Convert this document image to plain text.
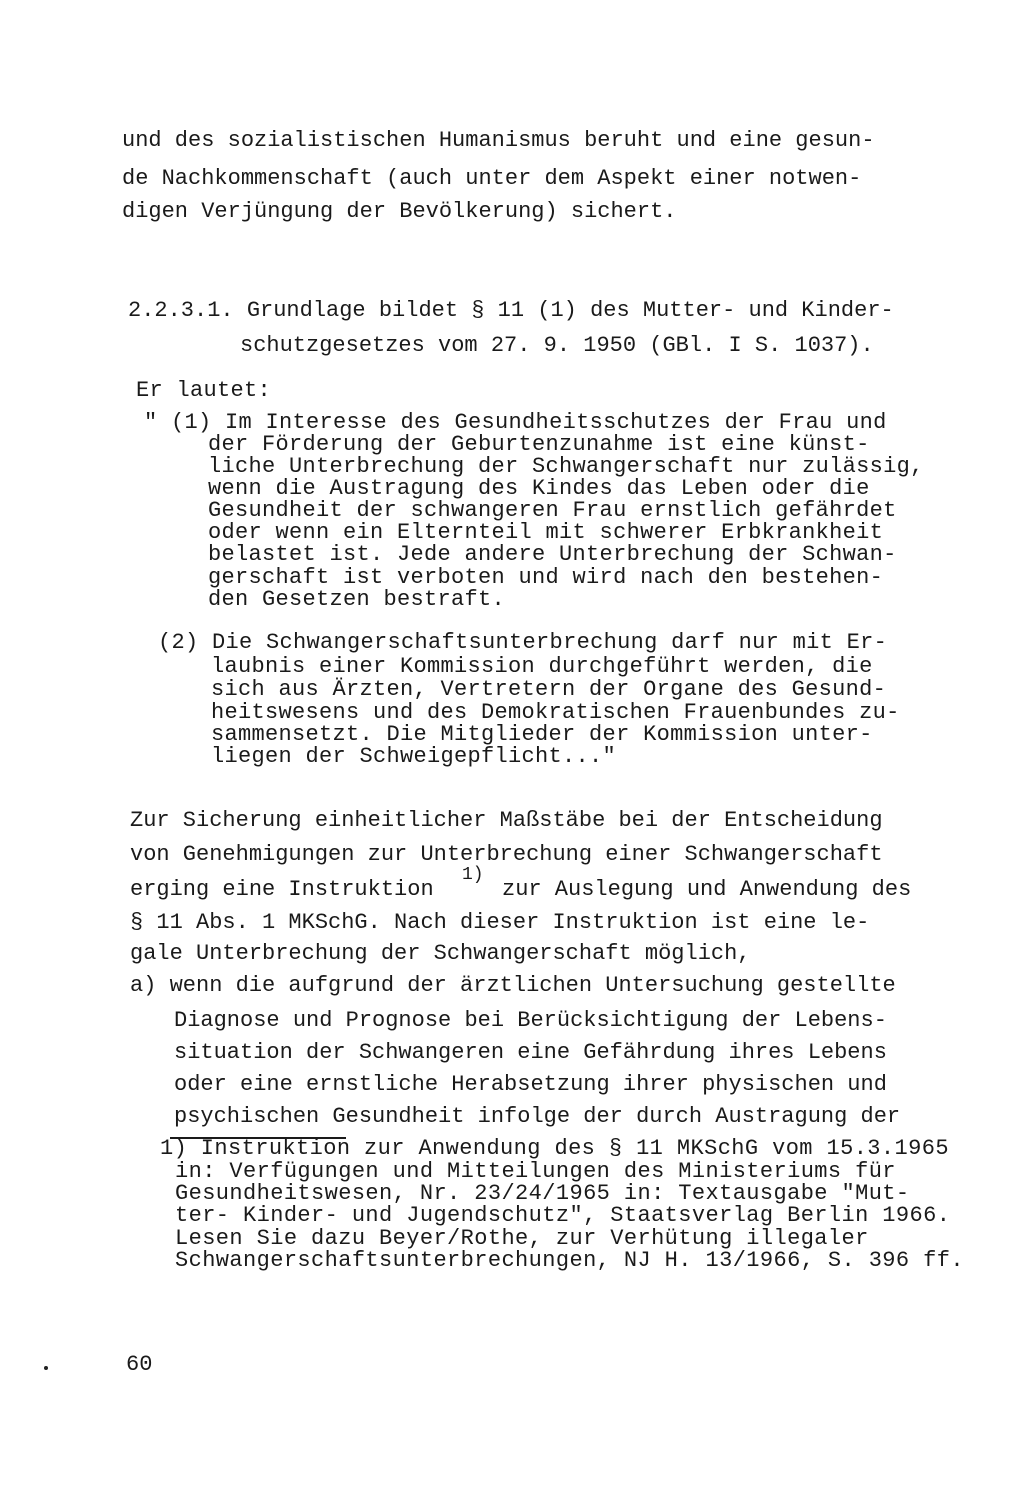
und des sozialistischen Humanismus beruht und eine gesun-
de Nachkommenschaft (auch unter dem Aspekt einer notwen-
digen Verjüngung der Bevölkerung) sichert.
2.2.3.1. Grundlage bildet § 11 (1) des Mutter- und Kinder-
schutzgesetzes vom 27. 9. 1950 (GBl. I S. 1037).
Er lautet:
" (1) Im Interesse des Gesundheitsschutzes der Frau und
der Förderung der Geburtenzunahme ist eine künst-
liche Unterbrechung der Schwangerschaft nur zulässig,
wenn die Austragung des Kindes das Leben oder die
Gesundheit der schwangeren Frau ernstlich gefährdet
oder wenn ein Elternteil mit schwerer Erbkrankheit
belastet ist. Jede andere Unterbrechung der Schwan-
gerschaft ist verboten und wird nach den bestehen-
den Gesetzen bestraft.
(2) Die Schwangerschaftsunterbrechung darf nur mit Er-
laubnis einer Kommission durchgeführt werden, die
sich aus Ärzten, Vertretern der Organe des Gesund-
heitswesens und des Demokratischen Frauenbundes zu-
sammensetzt. Die Mitglieder der Kommission unter-
liegen der Schweigepflicht..."
Zur Sicherung einheitlicher Maßstäbe bei der Entscheidung
von Genehmigungen zur Unterbrechung einer Schwangerschaft
erging eine Instruktion
1)
zur Auslegung und Anwendung des
§ 11 Abs. 1 MKSchG. Nach dieser Instruktion ist eine le-
gale Unterbrechung der Schwangerschaft möglich,
a) wenn die aufgrund der ärztlichen Untersuchung gestellte
Diagnose und Prognose bei Berücksichtigung der Lebens-
situation der Schwangeren eine Gefährdung ihres Lebens
oder eine ernstliche Herabsetzung ihrer physischen und
psychischen Gesundheit infolge der durch Austragung der
1) Instruktion zur Anwendung des § 11 MKSchG vom 15.3.1965
in: Verfügungen und Mitteilungen des Ministeriums für
Gesundheitswesen, Nr. 23/24/1965 in: Textausgabe "Mut-
ter- Kinder- und Jugendschutz", Staatsverlag Berlin 1966.
Lesen Sie dazu Beyer/Rothe, zur Verhütung illegaler
Schwangerschaftsunterbrechungen, NJ H. 13/1966, S. 396 ff.
60
